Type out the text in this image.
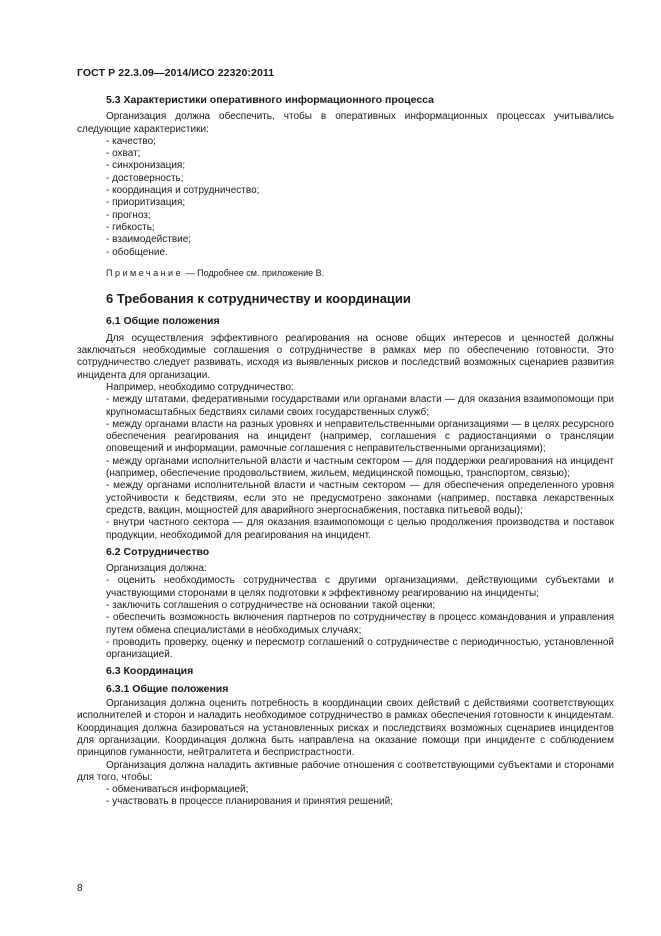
ГОСТ Р 22.3.09—2014/ИСО 22320:2011
5.3 Характеристики оперативного информационного процесса

Организация должна обеспечить, чтобы в оперативных информационных процессах учитывались следующие характеристики:

- качество;
- охват;
- синхронизация;
- достоверность;
- координация и сотрудничество;
- приоритизация;
- прогноз;
- гибкость;
- взаимодействие;
- обобщение.
Примечание — Подробнее см. приложение В.
6 Требования к сотрудничеству и координации
6.1 Общие положения

Для осуществления эффективного реагирования на основе общих интересов и ценностей должны заключаться необходимые соглашения о сотрудничестве в рамках мер по обеспечению готовности. Это сотрудничество следует развивать, исходя из выявленных рисков и последствий возможных сценариев развития инцидента для организации.

Например, необходимо сотрудничество:

- между штатами, федеративными государствами или органами власти — для оказания взаимопомощи при крупномасштабных бедствиях силами своих государственных служб;
- между органами власти на разных уровнях и неправительственными организациями — в целях ресурсного обеспечения реагирования на инцидент (например, соглашения с радиостанциями о трансляции оповещений и информации, рамочные соглашения с неправительственными организациями);
- между органами исполнительной власти и частным сектором — для поддержки реагирования на инцидент (например, обеспечение продовольствием, жильем, медицинской помощью, транспортом, связью);
- между органами исполнительной власти и частным сектором — для обеспечения определенного уровня устойчивости к бедствиям, если это не предусмотрено законами (например, поставка лекарственных средств, вакцин, мощностей для аварийного энергоснабжения, поставка питьевой воды);
- внутри частного сектора — для оказания взаимопомощи с целью продолжения производства и поставок продукции, необходимой для реагирования на инцидент.
6.2 Сотрудничество

Организация должна:

- оценить необходимость сотрудничества с другими организациями, действующими субъектами и участвующими сторонами в целях подготовки к эффективному реагированию на инциденты;
- заключить соглашения о сотрудничестве на основании такой оценки;
- обеспечить возможность включения партнеров по сотрудничеству в процесс командования и управления путем обмена специалистами в необходимых случаях;
- проводить проверку, оценку и пересмотр соглашений о сотрудничестве с периодичностью, установленной организацией.
6.3 Координация
6.3.1 Общие положения

Организация должна оценить потребность в координации своих действий с действиями соответствующих исполнителей и сторон и наладить необходимое сотрудничество в рамках обеспечения готовности к инцидентам. Координация должна базироваться на установленных рисках и последствиях возможных сценариев инцидентов для организации. Координация должна быть направлена на оказание помощи при инциденте с соблюдением принципов гуманности, нейтралитета и беспристрастности.

Организация должна наладить активные рабочие отношения с соответствующими субъектами и сторонами для того, чтобы:

- обмениваться информацией;
- участвовать в процессе планирования и принятия решений;
8
